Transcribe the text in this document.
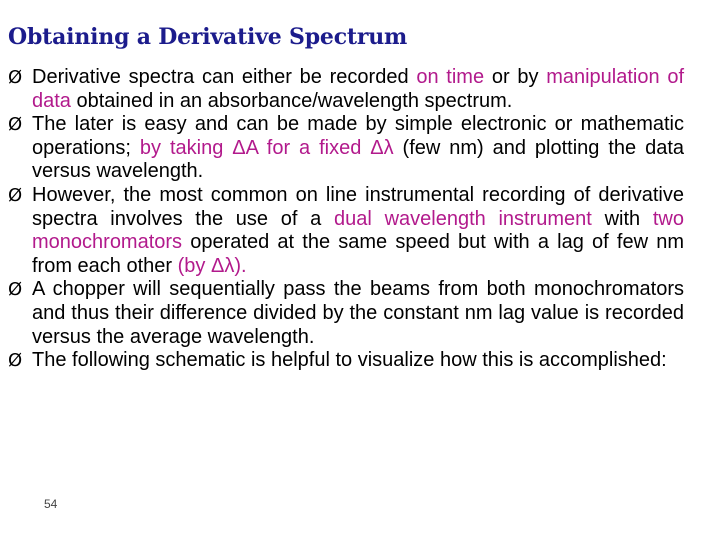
Obtaining a Derivative Spectrum

Ø Derivative spectra can either be recorded on time or by manipulation of data obtained in an absorbance/wavelength spectrum.

Ø The later is easy and can be made by simple electronic or mathematic operations; by taking ΔA for a fixed Δλ (few nm) and plotting the data versus wavelength.

Ø However, the most common on line instrumental recording of derivative spectra involves the use of a dual wavelength instrument with two monochromators operated at the same speed but with a lag of few nm from each other (by Δλ).

Ø A chopper will sequentially pass the beams from both monochromators and thus their difference divided by the constant nm lag value is recorded versus the average wavelength.

Ø The following schematic is helpful to visualize how this is accomplished:

54
